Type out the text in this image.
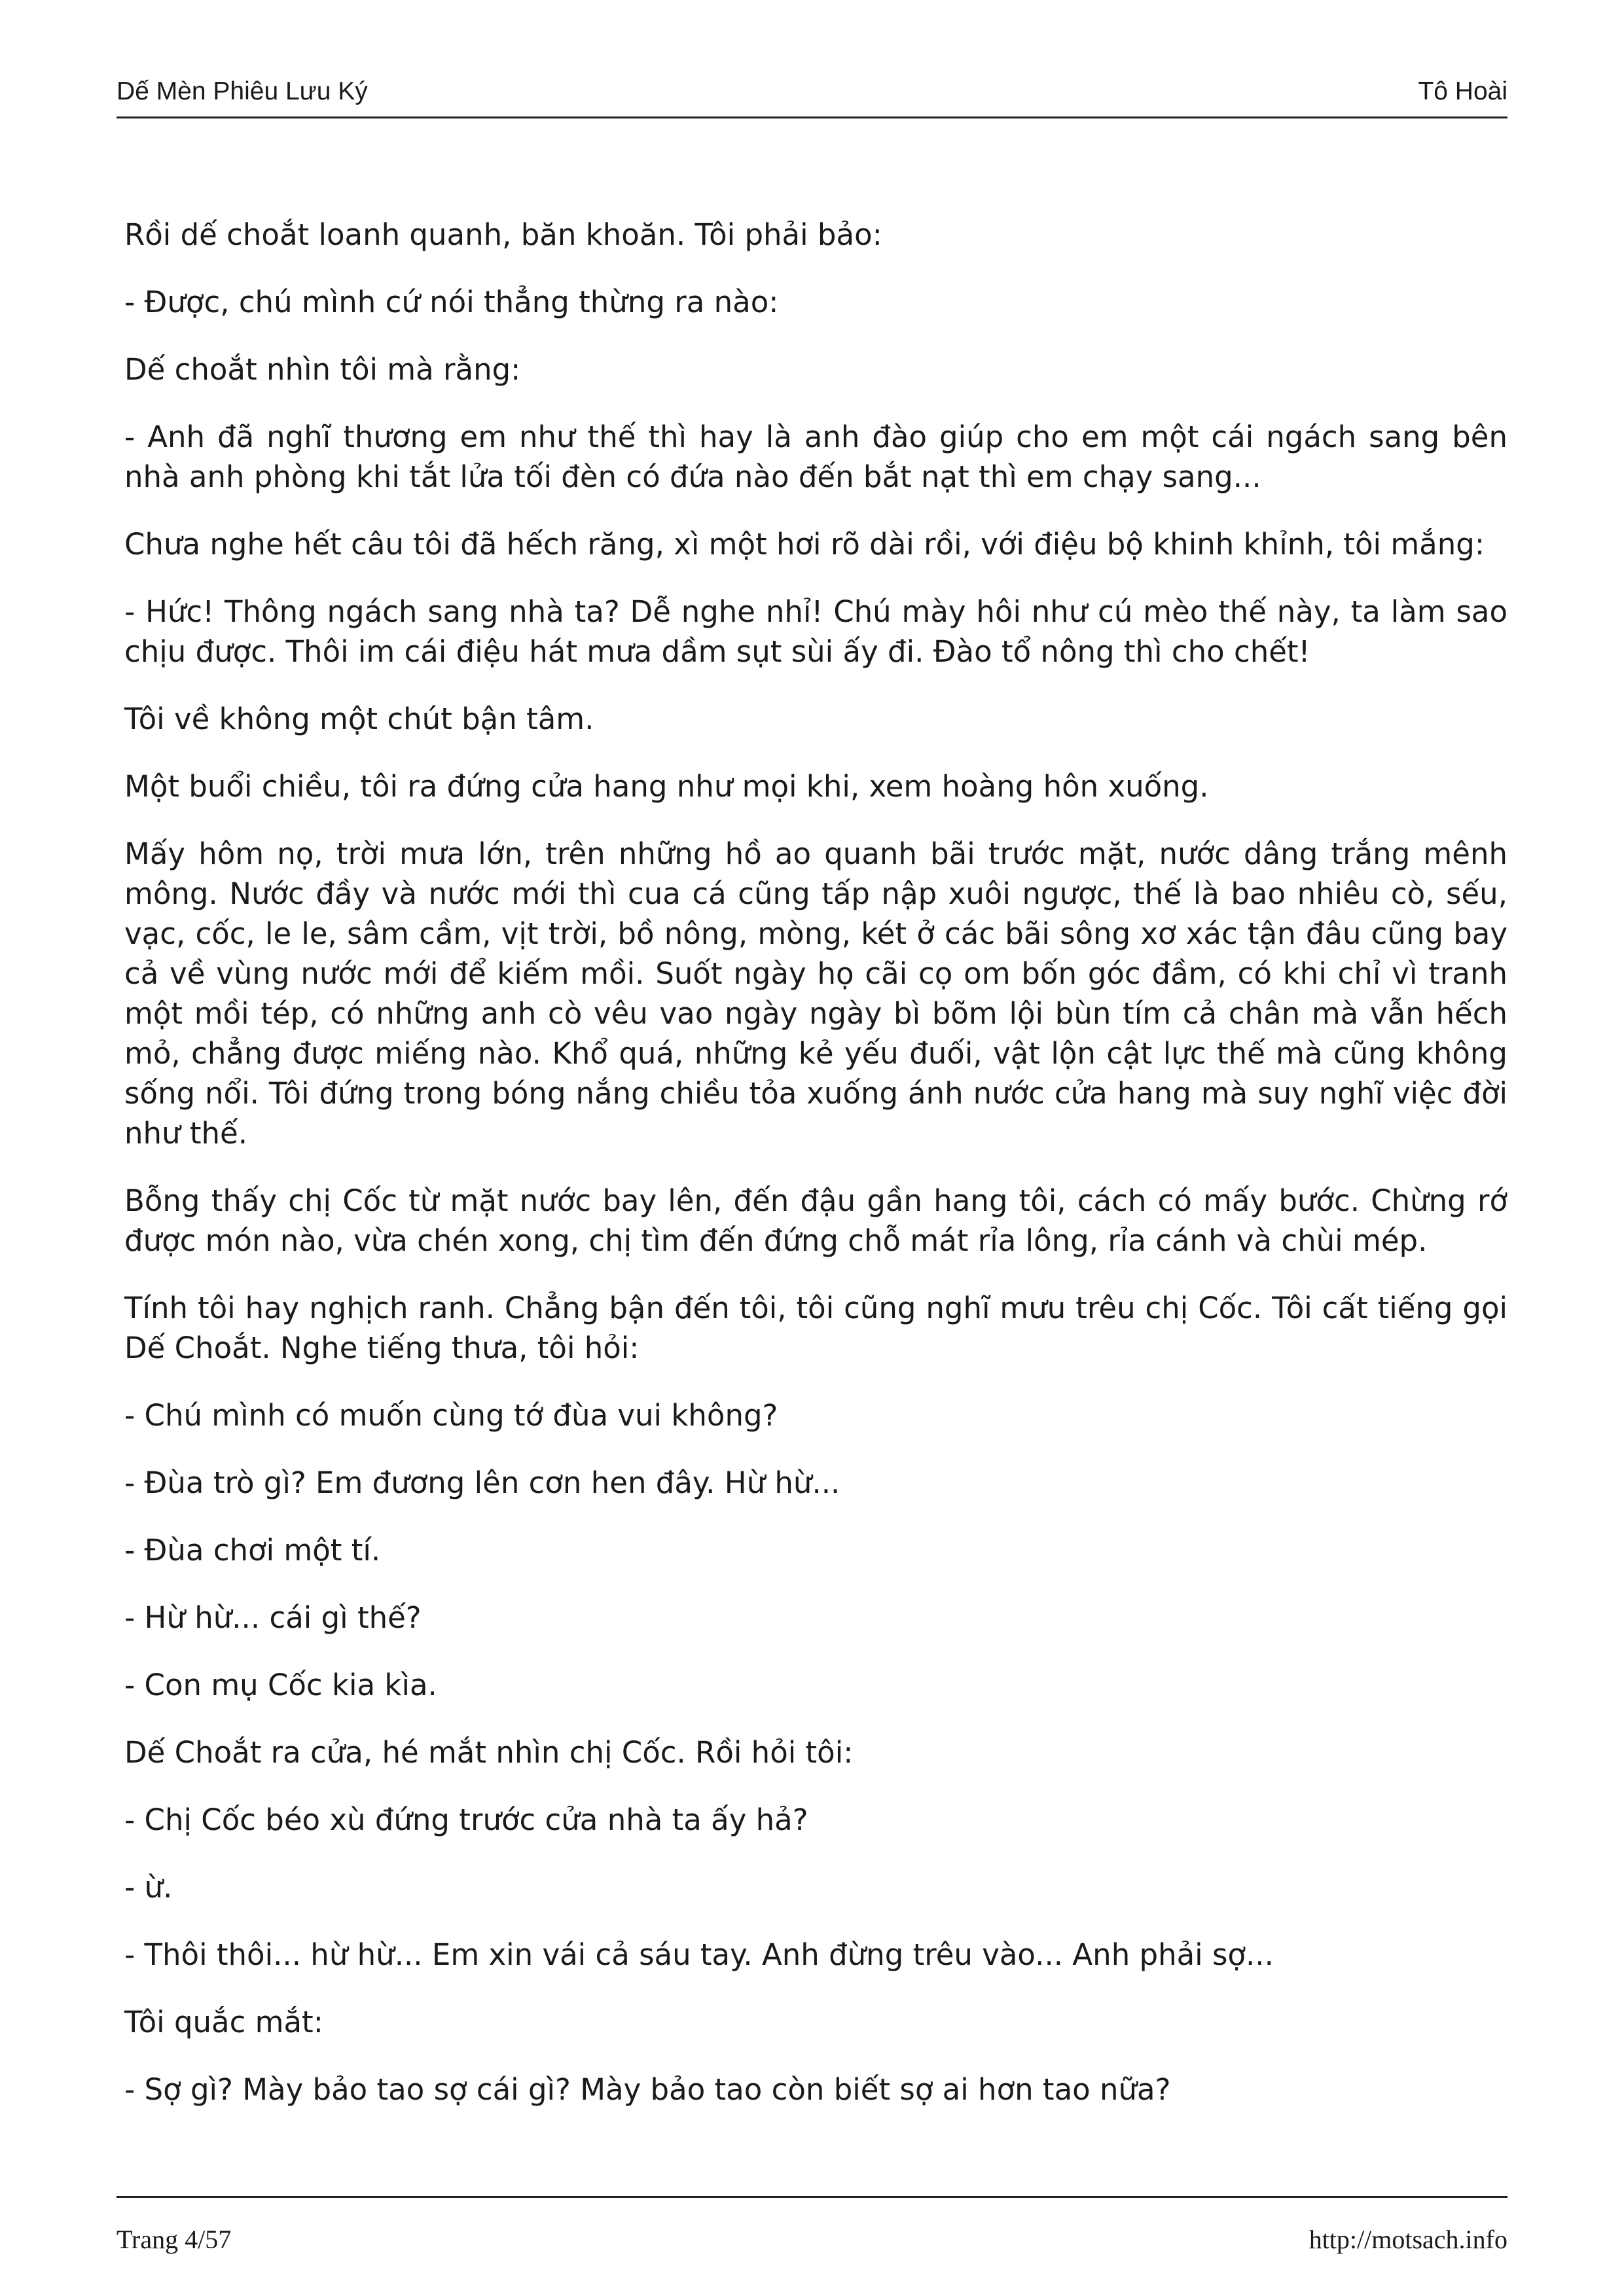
Dế Mèn Phiêu Lưu Ký	Tô Hoài

Rồi dế choắt loanh quanh, băn khoăn. Tôi phải bảo:

- Được, chú mình cứ nói thẳng thừng ra nào:

Dế choắt nhìn tôi mà rằng:

- Anh đã nghĩ thương em như thế thì hay là anh đào giúp cho em một cái ngách sang bên nhà anh phòng khi tắt lửa tối đèn có đứa nào đến bắt nạt thì em chạy sang...

Chưa nghe hết câu tôi đã hếch răng, xì một hơi rõ dài rồi, với điệu bộ khinh khỉnh, tôi mắng:

- Hức! Thông ngách sang nhà ta? Dễ nghe nhỉ! Chú mày hôi như cú mèo thế này, ta làm sao chịu được. Thôi im cái điệu hát mưa dầm sụt sùi ấy đi. Đào tổ nông thì cho chết!

Tôi về không một chút bận tâm.

Một buổi chiều, tôi ra đứng cửa hang như mọi khi, xem hoàng hôn xuống.

Mấy hôm nọ, trời mưa lớn, trên những hồ ao quanh bãi trước mặt, nước dâng trắng mênh mông. Nước đầy và nước mới thì cua cá cũng tấp nập xuôi ngược, thế là bao nhiêu cò, sếu, vạc, cốc, le le, sâm cầm, vịt trời, bồ nông, mòng, két ở các bãi sông xơ xác tận đâu cũng bay cả về vùng nước mới để kiếm mồi. Suốt ngày họ cãi cọ om bốn góc đầm, có khi chỉ vì tranh một mồi tép, có những anh cò vêu vao ngày ngày bì bõm lội bùn tím cả chân mà vẫn hếch mỏ, chẳng được miếng nào. Khổ quá, những kẻ yếu đuối, vật lộn cật lực thế mà cũng không sống nổi. Tôi đứng trong bóng nắng chiều tỏa xuống ánh nước cửa hang mà suy nghĩ việc đời như thế.

Bỗng thấy chị Cốc từ mặt nước bay lên, đến đậu gần hang tôi, cách có mấy bước. Chừng rớ được món nào, vừa chén xong, chị tìm đến đứng chỗ mát rỉa lông, rỉa cánh và chùi mép.

Tính tôi hay nghịch ranh. Chẳng bận đến tôi, tôi cũng nghĩ mưu trêu chị Cốc. Tôi cất tiếng gọi Dế Choắt. Nghe tiếng thưa, tôi hỏi:

- Chú mình có muốn cùng tớ đùa vui không?

- Đùa trò gì? Em đương lên cơn hen đây. Hừ hừ...

- Đùa chơi một tí.

- Hừ hừ... cái gì thế?

- Con mụ Cốc kia kìa.

Dế Choắt ra cửa, hé mắt nhìn chị Cốc. Rồi hỏi tôi:

- Chị Cốc béo xù đứng trước cửa nhà ta ấy hả?

- ừ.

- Thôi thôi... hừ hừ... Em xin vái cả sáu tay. Anh đừng trêu vào... Anh phải sợ...

Tôi quắc mắt:

- Sợ gì? Mày bảo tao sợ cái gì? Mày bảo tao còn biết sợ ai hơn tao nữa?

Trang 4/57	http://motsach.info
